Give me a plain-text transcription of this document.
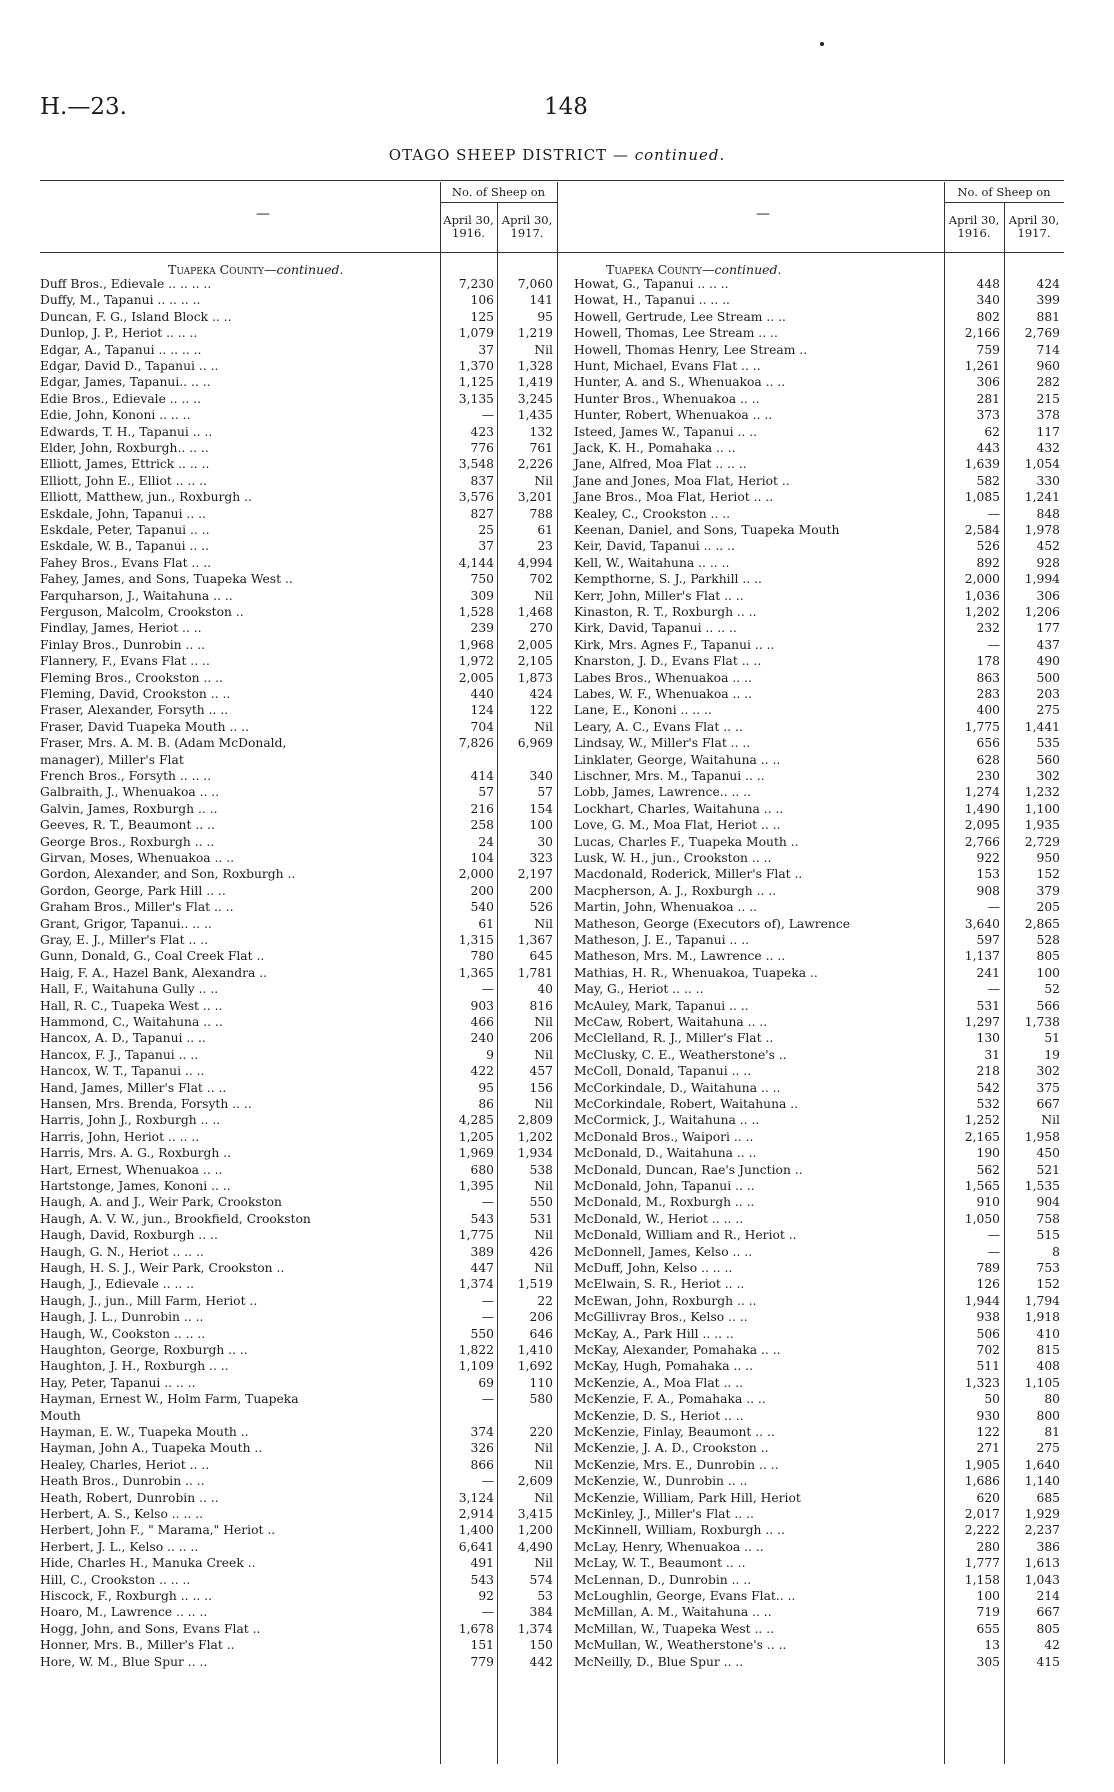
H.—23.	148
OTAGO SHEEP DISTRICT — continued.
—	—
No. of Sheep on	No. of Sheep on
April 30,
1916.
April 30,
1917.
April 30,
1916.
April 30,
1917.
Tuapeka County—continued.	Tuapeka County—continued.
Duff Bros., Edievale .. .. .. ..	7,230	7,060
Duffy, M., Tapanui .. .. .. ..	106	141
Duncan, F. G., Island Block .. ..	125	95
Dunlop, J. P., Heriot .. .. ..	1,079	1,219
Edgar, A., Tapanui .. .. .. ..	37	Nil
Edgar, David D., Tapanui .. ..	1,370	1,328
Edgar, James, Tapanui.. .. ..	1,125	1,419
Edie Bros., Edievale .. .. ..	3,135	3,245
Edie, John, Kononi .. .. ..	—	1,435
Edwards, T. H., Tapanui .. ..	423	132
Elder, John, Roxburgh.. .. ..	776	761
Elliott, James, Ettrick .. .. ..	3,548	2,226
Elliott, John E., Elliot .. .. ..	837	Nil
Elliott, Matthew, jun., Roxburgh ..	3,576	3,201
Eskdale, John, Tapanui .. ..	827	788
Eskdale, Peter, Tapanui .. ..	25	61
Eskdale, W. B., Tapanui .. ..	37	23
Fahey Bros., Evans Flat .. ..	4,144	4,994
Fahey, James, and Sons, Tuapeka West ..	750	702
Farquharson, J., Waitahuna .. ..	309	Nil
Ferguson, Malcolm, Crookston ..	1,528	1,468
Findlay, James, Heriot .. ..	239	270
Finlay Bros., Dunrobin .. ..	1,968	2,005
Flannery, F., Evans Flat .. ..	1,972	2,105
Fleming Bros., Crookston .. ..	2,005	1,873
Fleming, David, Crookston .. ..	440	424
Fraser, Alexander, Forsyth .. ..	124	122
Fraser, David Tuapeka Mouth .. ..	704	Nil
Fraser, Mrs. A. M. B. (Adam McDonald,	7,826	6,969
manager), Miller's Flat
French Bros., Forsyth .. .. ..	414	340
Galbraith, J., Whenuakoa .. ..	57	57
Galvin, James, Roxburgh .. ..	216	154
Geeves, R. T., Beaumont .. ..	258	100
George Bros., Roxburgh .. ..	24	30
Girvan, Moses, Whenuakoa .. ..	104	323
Gordon, Alexander, and Son, Roxburgh ..	2,000	2,197
Gordon, George, Park Hill .. ..	200	200
Graham Bros., Miller's Flat .. ..	540	526
Grant, Grigor, Tapanui.. .. ..	61	Nil
Gray, E. J., Miller's Flat .. ..	1,315	1,367
Gunn, Donald, G., Coal Creek Flat ..	780	645
Haig, F. A., Hazel Bank, Alexandra ..	1,365	1,781
Hall, F., Waitahuna Gully .. ..	—	40
Hall, R. C., Tuapeka West .. ..	903	816
Hammond, C., Waitahuna .. ..	466	Nil
Hancox, A. D., Tapanui .. ..	240	206
Hancox, F. J., Tapanui .. ..	9	Nil
Hancox, W. T., Tapanui .. ..	422	457
Hand, James, Miller's Flat .. ..	95	156
Hansen, Mrs. Brenda, Forsyth .. ..	86	Nil
Harris, John J., Roxburgh .. ..	4,285	2,809
Harris, John, Heriot .. .. ..	1,205	1,202
Harris, Mrs. A. G., Roxburgh ..	1,969	1,934
Hart, Ernest, Whenuakoa .. ..	680	538
Hartstonge, James, Kononi .. ..	1,395	Nil
Haugh, A. and J., Weir Park, Crookston	—	550
Haugh, A. V. W., jun., Brookfield, Crookston	543	531
Haugh, David, Roxburgh .. ..	1,775	Nil
Haugh, G. N., Heriot .. .. ..	389	426
Haugh, H. S. J., Weir Park, Crookston ..	447	Nil
Haugh, J., Edievale .. .. ..	1,374	1,519
Haugh, J., jun., Mill Farm, Heriot ..	—	22
Haugh, J. L., Dunrobin .. ..	—	206
Haugh, W., Cookston .. .. ..	550	646
Haughton, George, Roxburgh .. ..	1,822	1,410
Haughton, J. H., Roxburgh .. ..	1,109	1,692
Hay, Peter, Tapanui .. .. ..	69	110
Hayman, Ernest W., Holm Farm, Tuapeka	—	580
Mouth
Hayman, E. W., Tuapeka Mouth ..	374	220
Hayman, John A., Tuapeka Mouth ..	326	Nil
Healey, Charles, Heriot .. ..	866	Nil
Heath Bros., Dunrobin .. ..	—	2,609
Heath, Robert, Dunrobin .. ..	3,124	Nil
Herbert, A. S., Kelso .. .. ..	2,914	3,415
Herbert, John F., " Marama," Heriot ..	1,400	1,200
Herbert, J. L., Kelso .. .. ..	6,641	4,490
Hide, Charles H., Manuka Creek ..	491	Nil
Hill, C., Crookston .. .. ..	543	574
Hiscock, F., Roxburgh .. .. ..	92	53
Hoaro, M., Lawrence .. .. ..	—	384
Hogg, John, and Sons, Evans Flat ..	1,678	1,374
Honner, Mrs. B., Miller's Flat ..	151	150
Hore, W. M., Blue Spur .. ..	779	442
Howat, G., Tapanui .. .. ..	448	424
Howat, H., Tapanui .. .. ..	340	399
Howell, Gertrude, Lee Stream .. ..	802	881
Howell, Thomas, Lee Stream .. ..	2,166	2,769
Howell, Thomas Henry, Lee Stream ..	759	714
Hunt, Michael, Evans Flat .. ..	1,261	960
Hunter, A. and S., Whenuakoa .. ..	306	282
Hunter Bros., Whenuakoa .. ..	281	215
Hunter, Robert, Whenuakoa .. ..	373	378
Isteed, James W., Tapanui .. ..	62	117
Jack, K. H., Pomahaka .. ..	443	432
Jane, Alfred, Moa Flat .. .. ..	1,639	1,054
Jane and Jones, Moa Flat, Heriot ..	582	330
Jane Bros., Moa Flat, Heriot .. ..	1,085	1,241
Kealey, C., Crookston .. ..	—	848
Keenan, Daniel, and Sons, Tuapeka Mouth	2,584	1,978
Keir, David, Tapanui .. .. ..	526	452
Kell, W., Waitahuna .. .. ..	892	928
Kempthorne, S. J., Parkhill .. ..	2,000	1,994
Kerr, John, Miller's Flat .. ..	1,036	306
Kinaston, R. T., Roxburgh .. ..	1,202	1,206
Kirk, David, Tapanui .. .. ..	232	177
Kirk, Mrs. Agnes F., Tapanui .. ..	—	437
Knarston, J. D., Evans Flat .. ..	178	490
Labes Bros., Whenuakoa .. ..	863	500
Labes, W. F., Whenuakoa .. ..	283	203
Lane, E., Kononi .. .. ..	400	275
Leary, A. C., Evans Flat .. ..	1,775	1,441
Lindsay, W., Miller's Flat .. ..	656	535
Linklater, George, Waitahuna .. ..	628	560
Lischner, Mrs. M., Tapanui .. ..	230	302
Lobb, James, Lawrence.. .. ..	1,274	1,232
Lockhart, Charles, Waitahuna .. ..	1,490	1,100
Love, G. M., Moa Flat, Heriot .. ..	2,095	1,935
Lucas, Charles F., Tuapeka Mouth ..	2,766	2,729
Lusk, W. H., jun., Crookston .. ..	922	950
Macdonald, Roderick, Miller's Flat ..	153	152
Macpherson, A. J., Roxburgh .. ..	908	379
Martin, John, Whenuakoa .. ..	—	205
Matheson, George (Executors of), Lawrence	3,640	2,865
Matheson, J. E., Tapanui .. ..	597	528
Matheson, Mrs. M., Lawrence .. ..	1,137	805
Mathias, H. R., Whenuakoa, Tuapeka ..	241	100
May, G., Heriot .. .. ..	—	52
McAuley, Mark, Tapanui .. ..	531	566
McCaw, Robert, Waitahuna .. ..	1,297	1,738
McClelland, R. J., Miller's Flat ..	130	51
McClusky, C. E., Weatherstone's ..	31	19
McColl, Donald, Tapanui .. ..	218	302
McCorkindale, D., Waitahuna .. ..	542	375
McCorkindale, Robert, Waitahuna ..	532	667
McCormick, J., Waitahuna .. ..	1,252	Nil
McDonald Bros., Waipori .. ..	2,165	1,958
McDonald, D., Waitahuna .. ..	190	450
McDonald, Duncan, Rae's Junction ..	562	521
McDonald, John, Tapanui .. ..	1,565	1,535
McDonald, M., Roxburgh .. ..	910	904
McDonald, W., Heriot .. .. ..	1,050	758
McDonald, William and R., Heriot ..	—	515
McDonnell, James, Kelso .. ..	—	8
McDuff, John, Kelso .. .. ..	789	753
McElwain, S. R., Heriot .. ..	126	152
McEwan, John, Roxburgh .. ..	1,944	1,794
McGillivray Bros., Kelso .. ..	938	1,918
McKay, A., Park Hill .. .. ..	506	410
McKay, Alexander, Pomahaka .. ..	702	815
McKay, Hugh, Pomahaka .. ..	511	408
McKenzie, A., Moa Flat .. ..	1,323	1,105
McKenzie, F. A., Pomahaka .. ..	50	80
McKenzie, D. S., Heriot .. ..	930	800
McKenzie, Finlay, Beaumont .. ..	122	81
McKenzie, J. A. D., Crookston ..	271	275
McKenzie, Mrs. E., Dunrobin .. ..	1,905	1,640
McKenzie, W., Dunrobin .. ..	1,686	1,140
McKenzie, William, Park Hill, Heriot	620	685
McKinley, J., Miller's Flat .. ..	2,017	1,929
McKinnell, William, Roxburgh .. ..	2,222	2,237
McLay, Henry, Whenuakoa .. ..	280	386
McLay, W. T., Beaumont .. ..	1,777	1,613
McLennan, D., Dunrobin .. ..	1,158	1,043
McLoughlin, George, Evans Flat.. ..	100	214
McMillan, A. M., Waitahuna .. ..	719	667
McMillan, W., Tuapeka West .. ..	655	805
McMullan, W., Weatherstone's .. ..	13	42
McNeilly, D., Blue Spur .. ..	305	415
